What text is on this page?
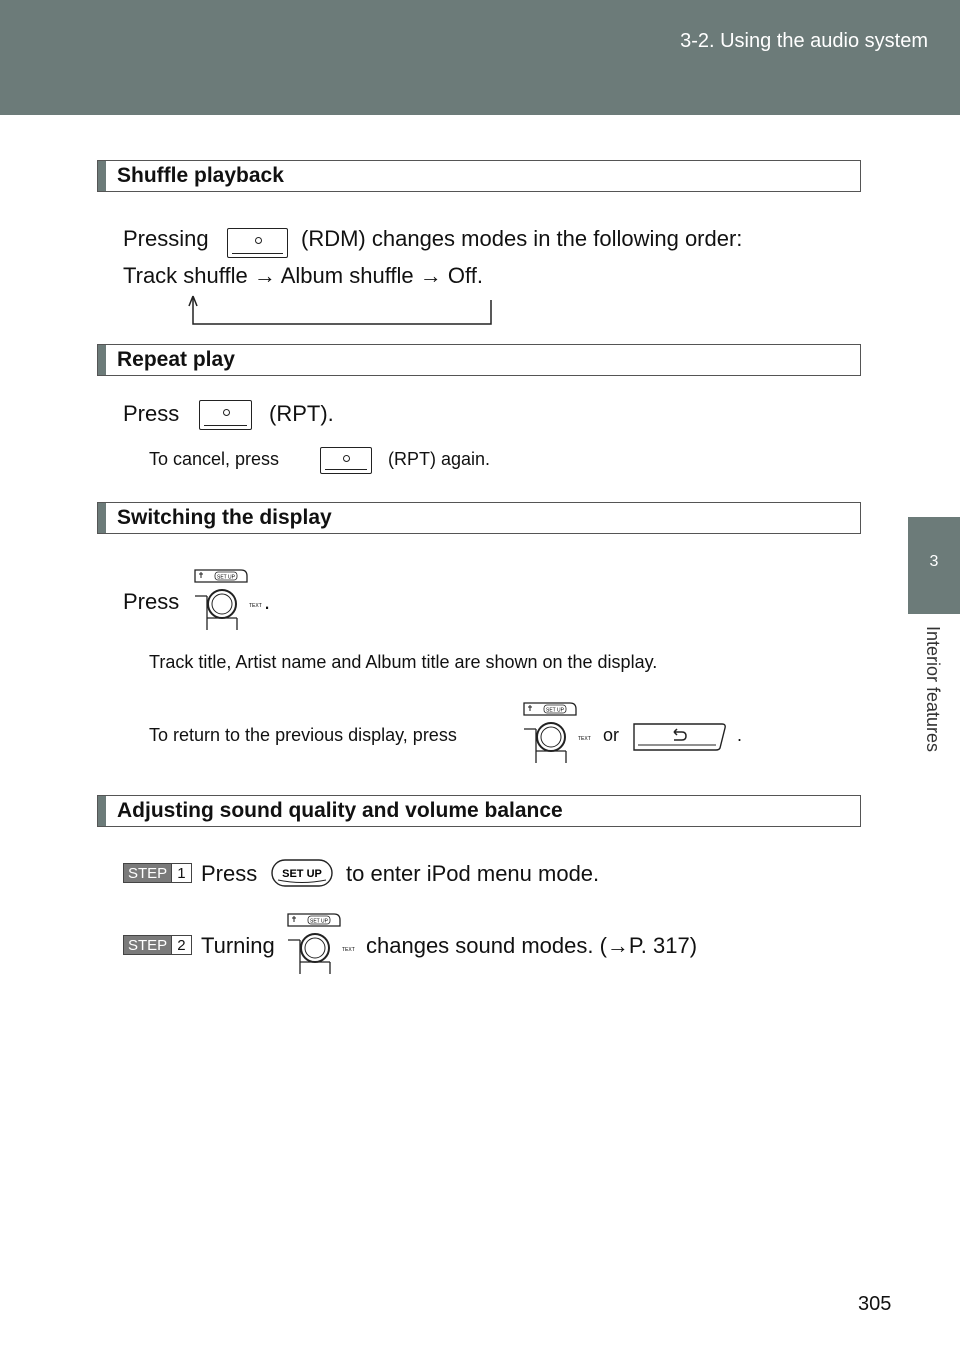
3-2. Using the audio system
3
Interior features
Shuffle playback
Pressing	(RDM) changes modes in the following order:
Track shuffle → Album shuffle → Off.
Repeat play
Press	(RPT).
To cancel, press	(RPT) again.
Switching the display
Press
SET UP
TEXT .
Track title, Artist name and Album title are shown on the display.
To return to the previous display, press
SET UP
TEXT or	.
Adjusting sound quality and volume balance
STEP 1 Press SET UP to enter iPod menu mode.
STEP 2 Turning
SET UP
TEXT changes sound modes. (→P. 317)
305
